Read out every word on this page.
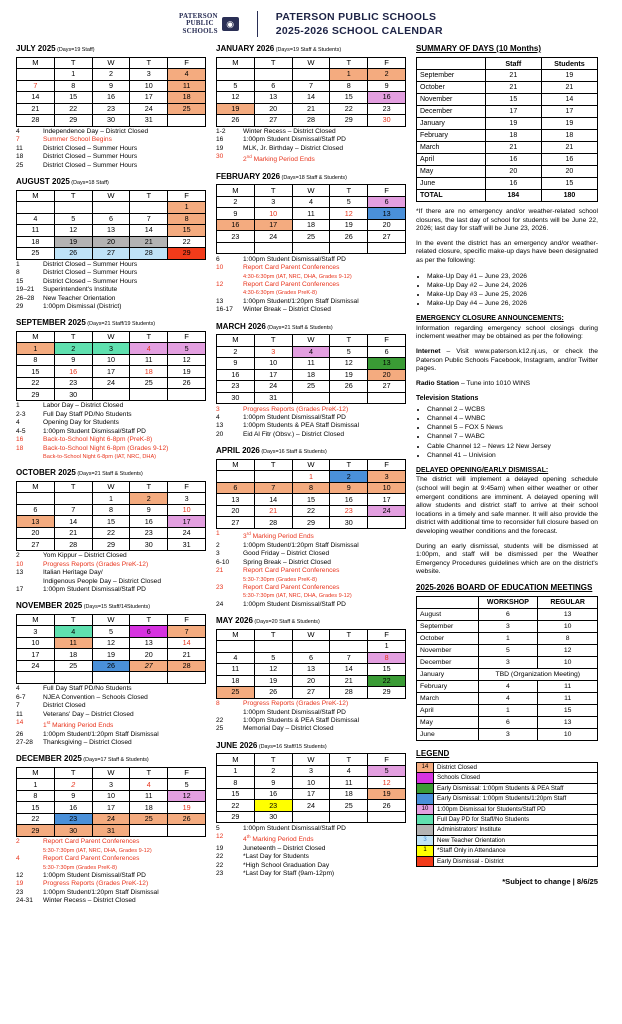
PATERSON
PUBLIC
SCHOOLS
◉
PATERSON PUBLIC SCHOOLS
2025-2026 SCHOOL CALENDAR
JULY 2025 (Days=19 Staff)
M	T	W	T	F
	1	2	3	4
7	8	9	10	11
14	15	16	17	18
21	22	23	24	25
28	29	30	31	
4	Independence Day – District Closed
7	Summer School Begins
11	District Closed – Summer Hours
18	District Closed – Summer Hours
25	District Closed – Summer Hours
AUGUST 2025 (Days=18 Staff)
M	T	W	T	F
				1
4	5	6	7	8
11	12	13	14	15
18	19	20	21	22
25	26	27	28	29
1	District Closed – Summer Hours
8	District Closed – Summer Hours
15	District Closed – Summer Hours
19–21	Superintendent's Institute
26–28	New Teacher Orientation
29	1:00pm Dismissal (District)
SEPTEMBER 2025 (Days=21 Staff/19 Students)
M	T	W	T	F
1	2	3	4	5
8	9	10	11	12
15	16	17	18	19
22	23	24	25	26
29	30			
1	Labor Day – District Closed
2-3	Full Day Staff PD/No Students
4	Opening Day for Students
4-5	1:00pm Student Dismissal/Staff PD
16	Back-to-School Night 6-8pm (PreK-8)
18	Back-to-School Night 6-8pm (Grades 9-12)
Back-to-School Night 6-8pm (IAT, NRC, DHA)
OCTOBER 2025 (Days=21 Staff & Students)
M	T	W	T	F
		1	2	3
6	7	8	9	10
13	14	15	16	17
20	21	22	23	24
27	28	29	30	31
2	Yom Kippur – District Closed
10	Progress Reports (Grades PreK-12)
13	Italian Heritage Day/
Indigenous People Day – District Closed
17	1:00pm Student Dismissal/Staff PD
NOVEMBER 2025 (Days=15 Staff/14Students)
M	T	W	T	F
3	4	5	6	7
10	11	12	13	14
17	18	19	20	21
24	25	26	27	28

4	Full Day Staff PD/No Students
6-7	NJEA Convention – Schools Closed
7	District Closed
11	Veterans' Day – District Closed
14	1st Marking Period Ends
26	1:00pm Student/1:20pm Staff Dismissal
27-28	Thanksgiving – District Closed
DECEMBER 2025 (Days=17 Staff & Students)
M	T	W	T	F
1	2	3	4	5
8	9	10	11	12
15	16	17	18	19
22	23	24	25	26
29	30	31		
2	Report Card Parent Conferences
5:30-7:30pm (IAT, NRC, DHA, Grades 9-12)
4	Report Card Parent Conferences
5:30-7:30pm (Grades PreK-8)
12	1:00pm Student Dismissal/Staff PD
19	Progress Reports (Grades PreK-12)
23	1:00pm Student/1:20pm Staff Dismissal
24-31	Winter Recess – District Closed
JANUARY 2026 (Days=19 Staff & Students)
M	T	W	T	F
			1	2
5	6	7	8	9
12	13	14	15	16
19	20	21	22	23
26	27	28	29	30
1-2	Winter Recess – District Closed
16	1:00pm Student Dismissal/Staff PD
19	MLK, Jr. Birthday – District Closed
30	2nd Marking Period Ends
FEBRUARY 2026 (Days=18 Staff & Students)
M	T	W	T	F
2	3	4	5	6
9	10	11	12	13
16	17	18	19	20
23	24	25	26	27

6	1:00pm Student Dismissal/Staff PD
10	Report Card Parent Conferences
4:30-6:30pm (IAT, NRC, DHA, Grades 9-12)
12	Report Card Parent Conferences
4:30-6:30pm (Grades PreK-8)
13	1:00pm Student/1:20pm Staff Dismissal
16-17	Winter Break – District Closed
MARCH 2026 (Days=21 Staff & Students)
M	T	W	T	F
2	3	4	5	6
9	10	11	12	13
16	17	18	19	20
23	24	25	26	27
30	31			
3	Progress Reports (Grades PreK-12)
4	1:00pm Student Dismissal/Staff PD
13	1:00pm Students & PEA Staff Dismissal
20	Eid Al Fitr (Obsv.) – District Closed
APRIL 2026 (Days=16 Staff & Students)
M	T	W	T	F
		1	2	3
6	7	8	9	10
13	14	15	16	17
20	21	22	23	24
27	28	29	30	
1	3rd Marking Period Ends
2	1:00pm Student/1:20pm Staff Dismissal
3	Good Friday – District Closed
6-10	Spring Break – District Closed
21	Report Card Parent Conferences
5:30-7:30pm (Grades PreK-8)
23	Report Card Parent Conferences
5:30-7:30pm (IAT, NRC, DHA, Grades 9-12)
24	1:00pm Student Dismissal/Staff PD
MAY 2026 (Days=20 Staff & Students)
M	T	W	T	F
				1
4	5	6	7	8
11	12	13	14	15
18	19	20	21	22
25	26	27	28	29
8	Progress Reports (Grades PreK-12)
1:00pm Student Dismissal/Staff PD
22	1:00pm Students & PEA Staff Dismissal
25	Memorial Day – District Closed
JUNE 2026 (Days=16 Staff/15 Students)
M	T	W	T	F
1	2	3	4	5
8	9	10	11	12
15	16	17	18	19
22	23	24	25	26
29	30			
5	1:00pm Student Dismissal/Staff PD
12	4th Marking Period Ends
19	Juneteenth – District Closed
22	*Last Day for Students
22	*High School Graduation Day
23	*Last Day for Staff (9am-12pm)
SUMMARY OF DAYS (10 Months)
	Staff	Students
September	21	19
October	21	21
November	15	14
December	17	17
January	19	19
February	18	18
March	21	21
April	16	16
May	20	20
June	16	15
TOTAL	184	180
*If there are no emergency and/or weather-related school closures, the last day of school for students will be June 22, 2026; last day for staff will be June 23, 2026.
In the event the district has an emergency and/or weather-related closure, specific make-up days have been designated as per the following:
• Make-Up Day #1 – June 23, 2026
• Make-Up Day #2 – June 24, 2026
• Make-Up Day #3 – June 25, 2026
• Make-Up Day #4 – June 26, 2026
EMERGENCY CLOSURE ANNOUNCEMENTS:
Information regarding emergency school closings during inclement weather may be obtained as per the following:
Internet – Visit www.paterson.k12.nj.us, or check the Paterson Public Schools Facebook, Instagram, and/or Twitter pages.
Radio Station – Tune into 1010 WINS
Television Stations
• Channel 2 – WCBS
• Channel 4 – WNBC
• Channel 5 – FOX 5 News
• Channel 7 – WABC
• Cable Channel 12 – News 12 New Jersey
• Channel 41 – Univision
DELAYED OPENING/EARLY DISMISSAL:
The district will implement a delayed opening schedule (school will begin at 9:45am) when either weather or other emergent conditions are imminent. A delayed opening will allow students and district staff to arrive at their school locations in a timely and safe manner. It will also provide the district with additional time to reconsider full closure based on developing weather conditions and the forecast.
During an early dismissal, students will be dismissed at 1:00pm, and staff will be dismissed per the Weather Emergency Procedures guidelines which are on the district's website.
2025-2026 BOARD OF EDUCATION MEETINGS
	WORKSHOP	REGULAR
August	6	13
September	3	10
October	1	8
November	5	12
December	3	10
January	TBD (Organization Meeting)	
February	4	11
March	4	11
April	1	15
May	6	13
June	3	10
LEGEND
14	District Closed
1	Schools Closed
2	Early Dismissal: 1:00pm Students & PEA Staff
4	Early Dismissal: 1:00pm Students/1:20pm Staff
10	1:00pm Dismissal for Students/Staff PD
3	Full Day PD for Staff/No Students
3	Administrators' Institute
3	New Teacher Orientation
1	*Staff Only in Attendance
1	Early Dismissal - District
*Subject to change | 8/6/25
